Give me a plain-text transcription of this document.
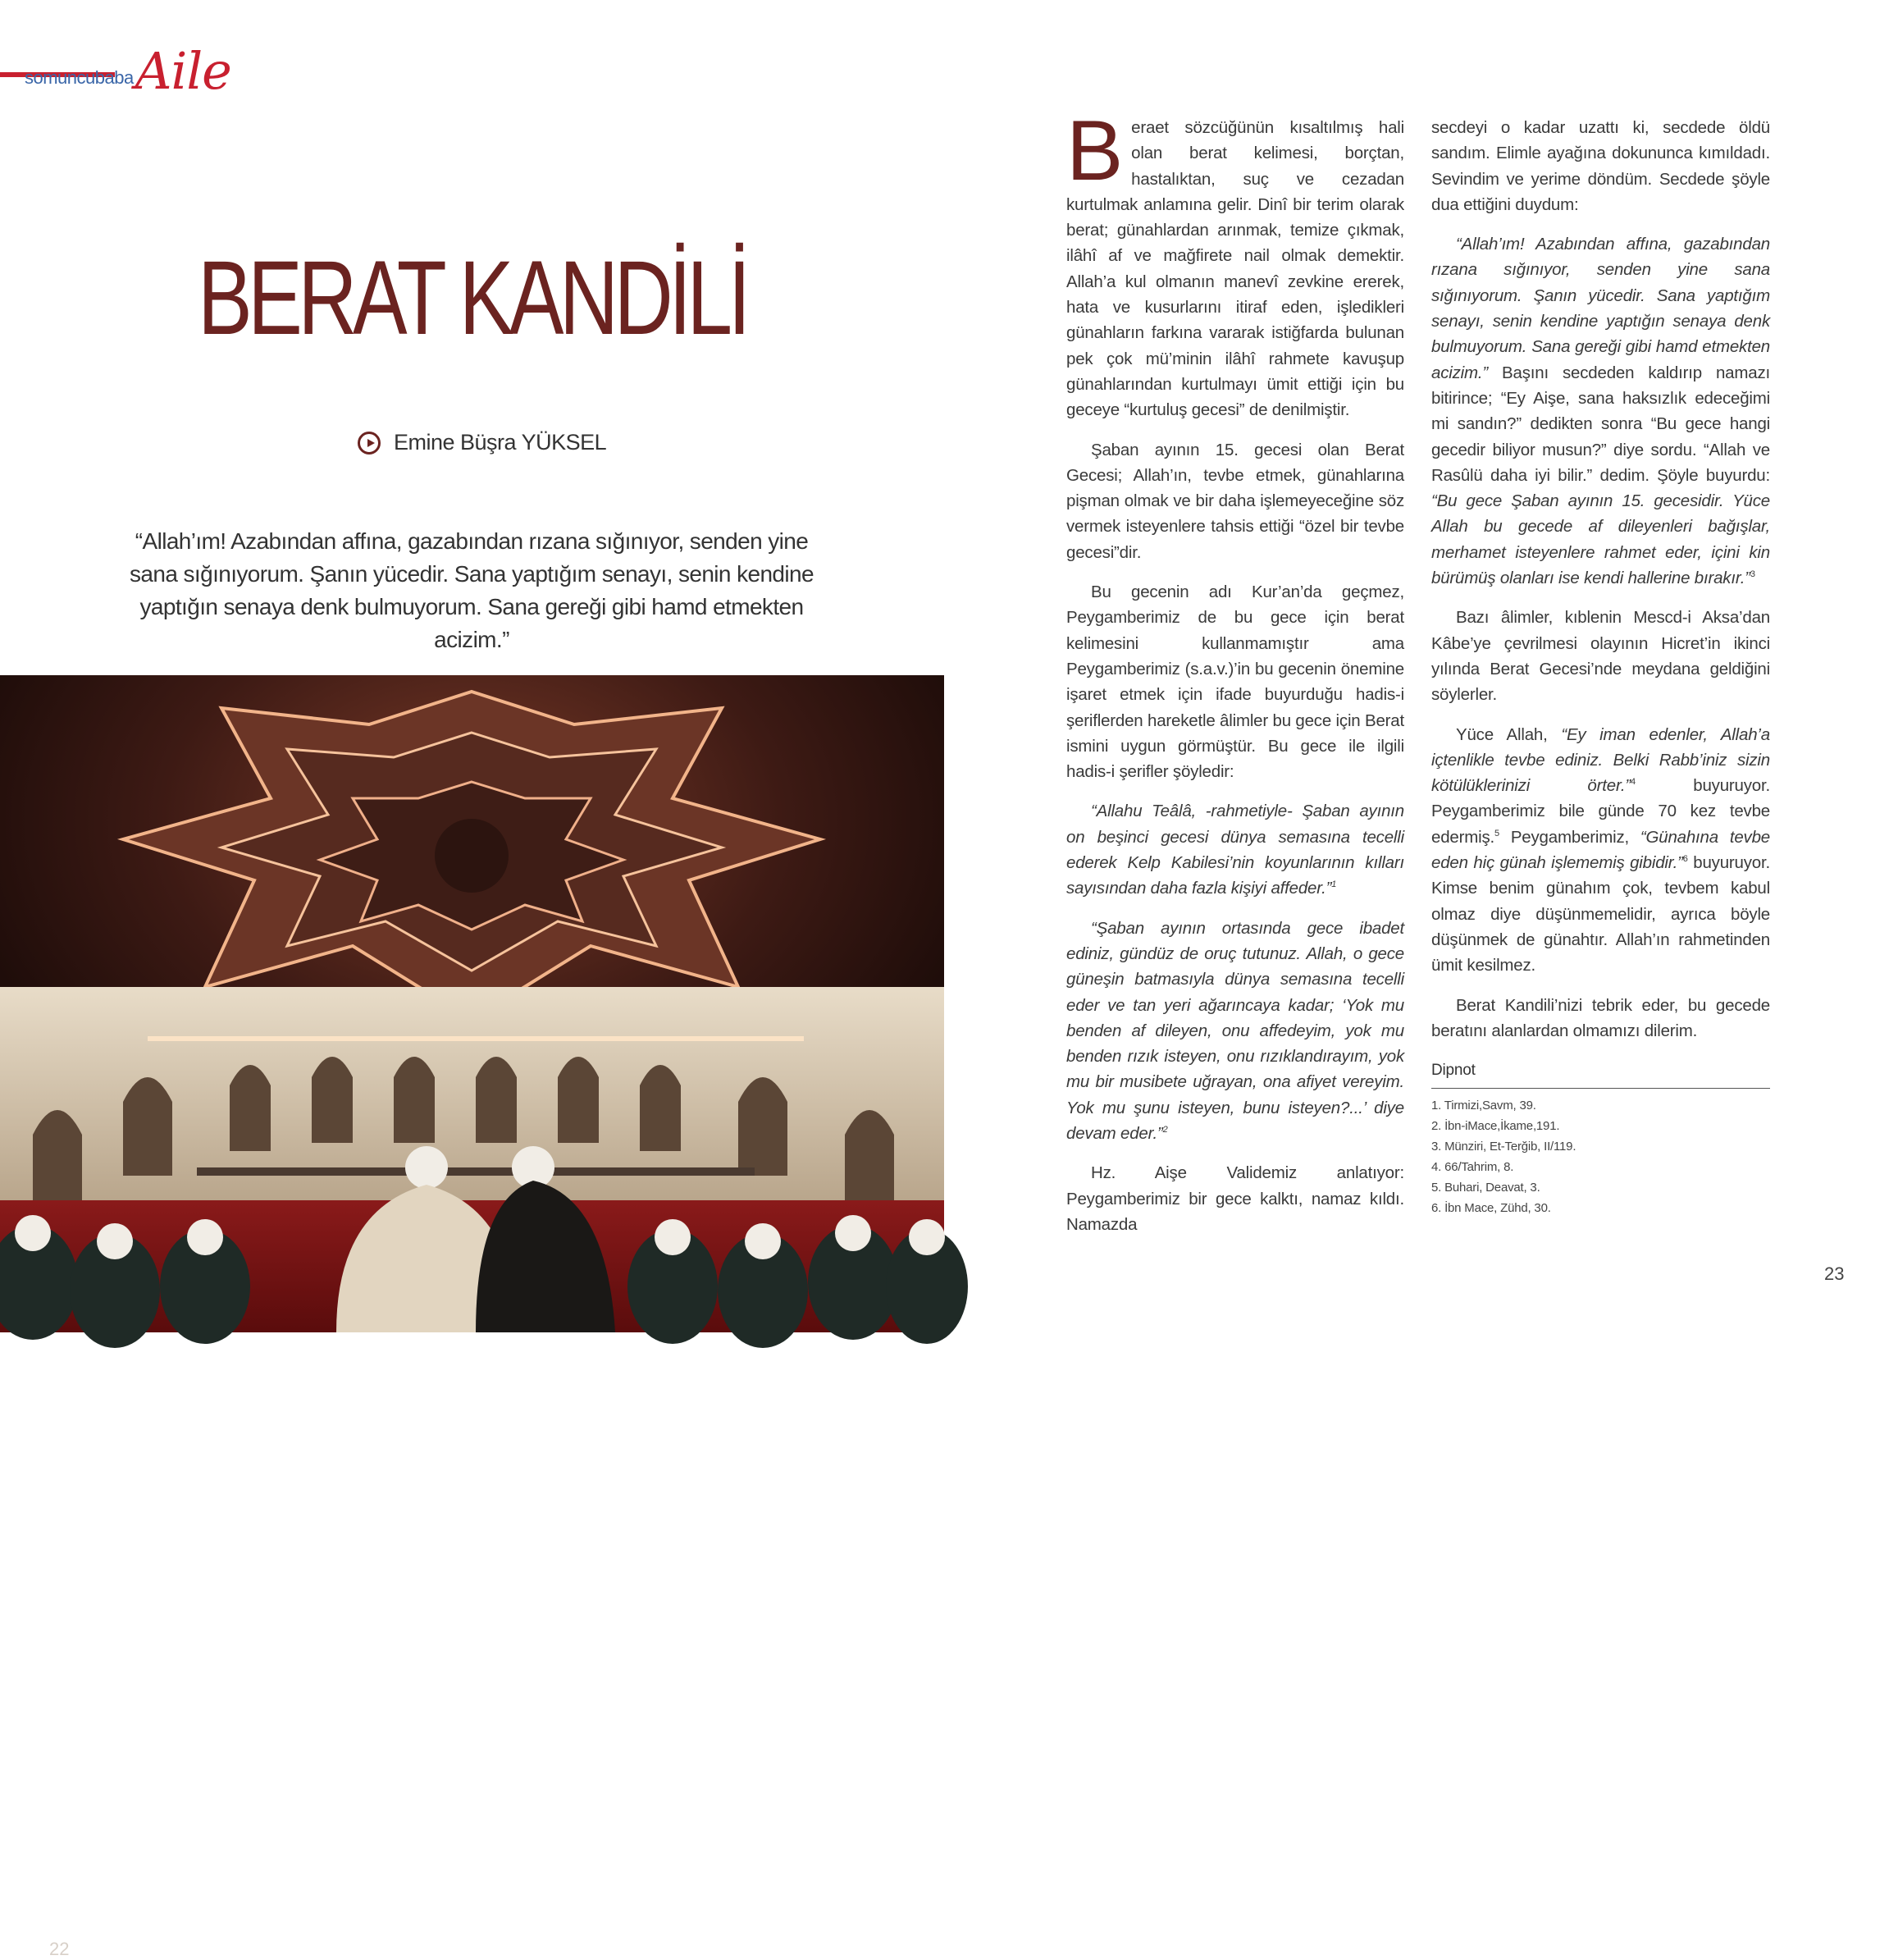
somuncubabaAile
BERAT KANDİLİ
Emine Büşra YÜKSEL
“Allah’ım! Azabından affına, gazabından rızana sığınıyor, senden yine sana sığınıyorum. Şanın yücedir. Sana yaptığım senayı, senin kendine yaptığın senaya denk bulmuyorum. Sana gereği gibi hamd etmekten acizim.”
22

Beraet sözcüğünün kısaltılmış hali olan berat kelimesi, borçtan, hastalıktan, suç ve cezadan kurtulmak anlamına gelir. Dinî bir terim olarak berat; günahlardan arınmak, temize çıkmak, ilâhî af ve mağfirete nail olmak demektir. Allah’a kul olmanın manevî zevkine ererek, hata ve kusurlarını itiraf eden, işledikleri günahların farkına vararak istiğfarda bulunan pek çok mü’minin ilâhî rahmete kavuşup günahlarından kurtulmayı ümit ettiği için bu geceye “kurtuluş gecesi” de denilmiştir.

Şaban ayının 15. gecesi olan Berat Gecesi; Allah’ın, tevbe etmek, günahlarına pişman olmak ve bir daha işlemeyeceğine söz vermek isteyenlere tahsis ettiği “özel bir tevbe gecesi”dir.

Bu gecenin adı Kur’an’da geçmez, Peygamberimiz de bu gece için berat kelimesini kullanmamıştır ama Peygamberimiz (s.a.v.)’in bu gecenin önemine işaret etmek için ifade buyurduğu hadis-i şeriflerden hareketle âlimler bu gece için Berat ismini uygun görmüştür. Bu gece ile ilgili hadis-i şerifler şöyledir:

“Allahu Teâlâ, -rahmetiyle- Şaban ayının on beşinci gecesi dünya semasına tecelli ederek Kelp Kabilesi’nin koyunlarının kılları sayısından daha fazla kişiyi affeder.”$^1$

“Şaban ayının ortasında gece ibadet ediniz, gündüz de oruç tutunuz. Allah, o gece güneşin batmasıyla dünya semasına tecelli eder ve tan yeri ağarıncaya kadar; ‘Yok mu benden af dileyen, onu affedeyim, yok mu benden rızık isteyen, onu rızıklandırayım, yok mu bir musibete uğrayan, ona afiyet vereyim. Yok mu şunu isteyen, bunu isteyen?...’ diye devam eder.”$^2$

Hz. Aişe Validemiz anlatıyor: Peygamberimiz bir gece kalktı, namaz kıldı. Namazda

secdeyi o kadar uzattı ki, secdede öldü sandım. Elimle ayağına dokununca kımıldadı. Sevindim ve yerime döndüm. Secdede şöyle dua ettiğini duydum:

“Allah’ım! Azabından affına, gazabından rızana sığınıyor, senden yine sana sığınıyorum. Şanın yücedir. Sana yaptığım senayı, senin kendine yaptığın senaya denk bulmuyorum. Sana gereği gibi hamd etmekten acizim.” Başını secdeden kaldırıp namazı bitirince; “Ey Aişe, sana haksızlık edeceğimi mi sandın?” dedikten sonra “Bu gece hangi gecedir biliyor musun?” diye sordu. “Allah ve Rasûlü daha iyi bilir.” dedim. Şöyle buyurdu: “Bu gece Şaban ayının 15. gecesidir. Yüce Allah bu gecede af dileyenleri bağışlar, merhamet isteyenlere rahmet eder, içini kin bürümüş olanları ise kendi hallerine bırakır.”$^3$

Bazı âlimler, kıblenin Mescd-i Aksa’dan Kâbe’ye çevrilmesi olayının Hicret’in ikinci yılında Berat Gecesi’nde meydana geldiğini söylerler.

Yüce Allah, “Ey iman edenler, Allah’a içtenlikle tevbe ediniz. Belki Rabb’iniz sizin kötülüklerinizi örter.”$^4$ buyuruyor. Peygamberimiz bile günde 70 kez tevbe edermiş.$^5$ Peygamberimiz, “Günahına tevbe eden hiç günah işlememiş gibidir.”$^6$ buyuruyor. Kimse benim günahım çok, tevbem kabul olmaz diye düşünmemelidir, ayrıca böyle düşünmek de günahtır. Allah’ın rahmetinden ümit kesilmez.

Berat Kandili’nizi tebrik eder, bu gecede beratını alanlardan olmamızı dilerim.

Dipnot
1. Tirmizi,Savm, 39.
2. İbn-iMace,İkame,191.
3. Münziri, Et-Terğib, II/119.
4. 66/Tahrim, 8.
5. Buhari, Deavat, 3.
6. İbn Mace, Zühd, 30.
23
